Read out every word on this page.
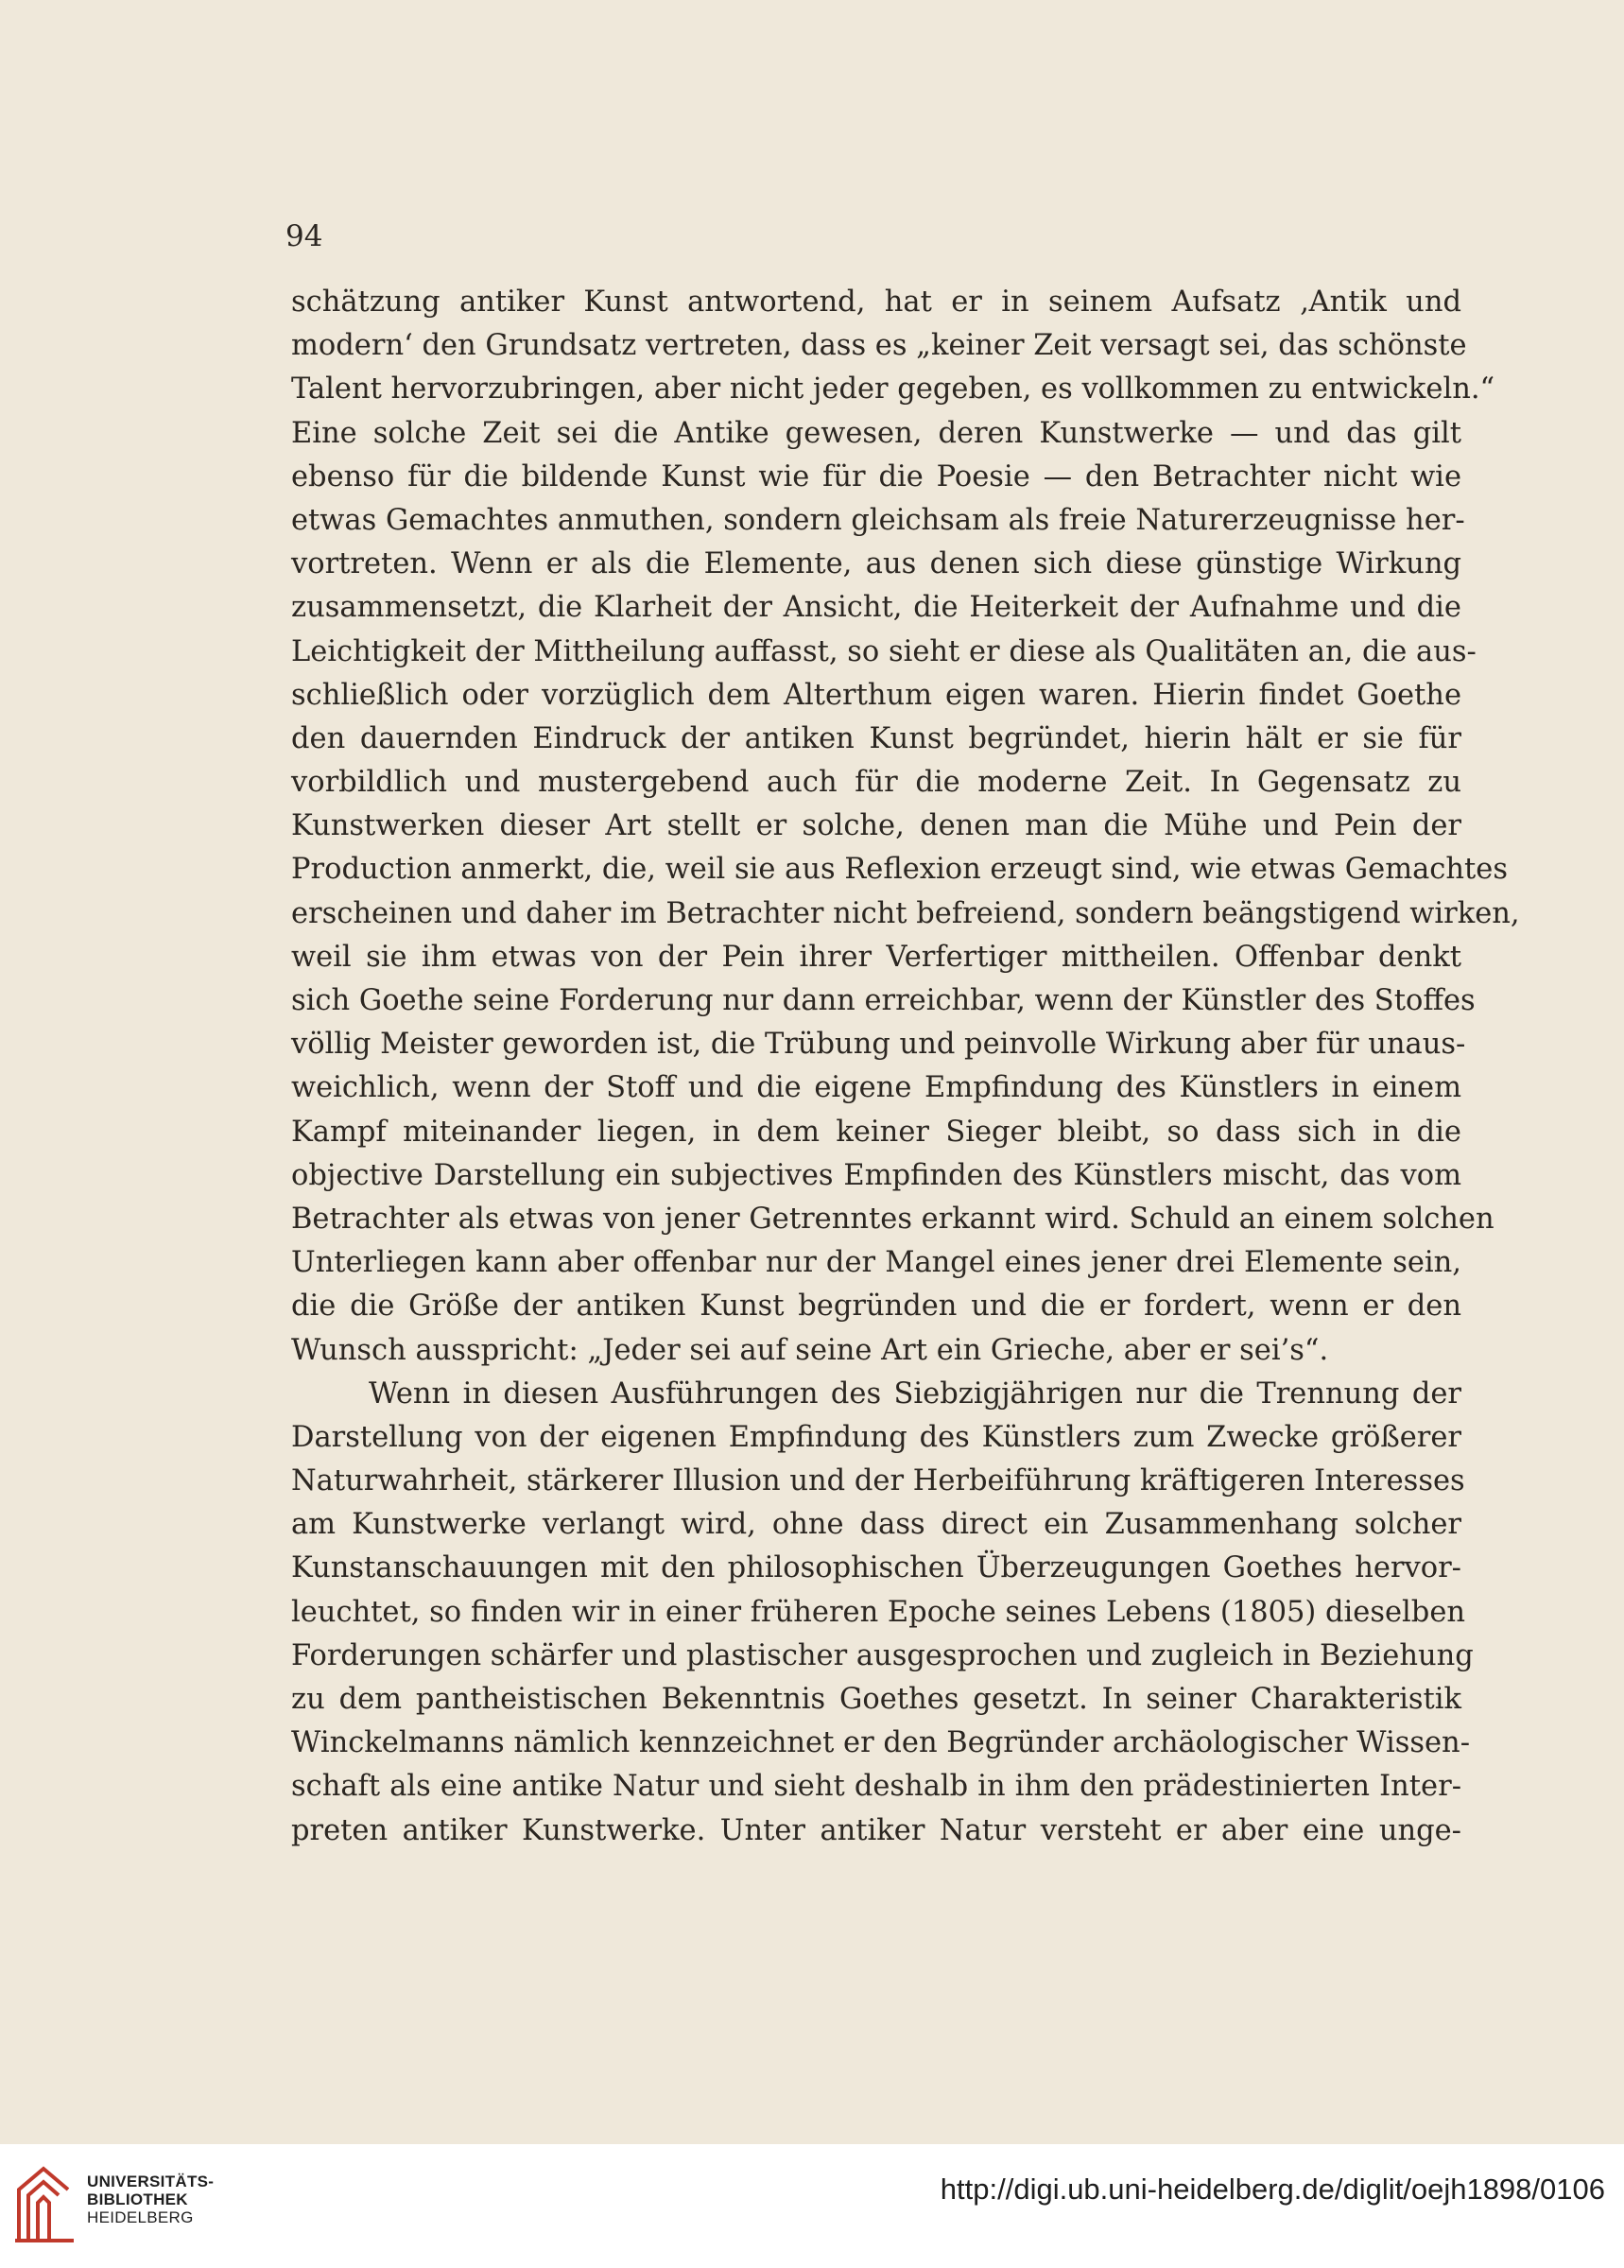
94
schätzung antiker Kunst antwortend, hat er in seinem Aufsatz ‚Antik und
modern‘ den Grundsatz vertreten, dass es „keiner Zeit versagt sei, das schönste
Talent hervorzubringen, aber nicht jeder gegeben, es vollkommen zu entwickeln.“
Eine solche Zeit sei die Antike gewesen, deren Kunstwerke — und das gilt
ebenso für die bildende Kunst wie für die Poesie — den Betrachter nicht wie
etwas Gemachtes anmuthen, sondern gleichsam als freie Naturerzeugnisse her-
vortreten. Wenn er als die Elemente, aus denen sich diese günstige Wirkung
zusammensetzt, die Klarheit der Ansicht, die Heiterkeit der Aufnahme und die
Leichtigkeit der Mittheilung auffasst, so sieht er diese als Qualitäten an, die aus-
schließlich oder vorzüglich dem Alterthum eigen waren. Hierin findet Goethe
den dauernden Eindruck der antiken Kunst begründet, hierin hält er sie für
vorbildlich und mustergebend auch für die moderne Zeit. In Gegensatz zu
Kunstwerken dieser Art stellt er solche, denen man die Mühe und Pein der
Production anmerkt, die, weil sie aus Reflexion erzeugt sind, wie etwas Gemachtes
erscheinen und daher im Betrachter nicht befreiend, sondern beängstigend wirken,
weil sie ihm etwas von der Pein ihrer Verfertiger mittheilen. Offenbar denkt
sich Goethe seine Forderung nur dann erreichbar, wenn der Künstler des Stoffes
völlig Meister geworden ist, die Trübung und peinvolle Wirkung aber für unaus-
weichlich, wenn der Stoff und die eigene Empfindung des Künstlers in einem
Kampf miteinander liegen, in dem keiner Sieger bleibt, so dass sich in die
objective Darstellung ein subjectives Empfinden des Künstlers mischt, das vom
Betrachter als etwas von jener Getrenntes erkannt wird. Schuld an einem solchen
Unterliegen kann aber offenbar nur der Mangel eines jener drei Elemente sein,
die die Größe der antiken Kunst begründen und die er fordert, wenn er den
Wunsch ausspricht: „Jeder sei auf seine Art ein Grieche, aber er sei’s“.
Wenn in diesen Ausführungen des Siebzigjährigen nur die Trennung der
Darstellung von der eigenen Empfindung des Künstlers zum Zwecke größerer
Naturwahrheit, stärkerer Illusion und der Herbeiführung kräftigeren Interesses
am Kunstwerke verlangt wird, ohne dass direct ein Zusammenhang solcher
Kunstanschauungen mit den philosophischen Überzeugungen Goethes hervor-
leuchtet, so finden wir in einer früheren Epoche seines Lebens (1805) dieselben
Forderungen schärfer und plastischer ausgesprochen und zugleich in Beziehung
zu dem pantheistischen Bekenntnis Goethes gesetzt. In seiner Charakteristik
Winckelmanns nämlich kennzeichnet er den Begründer archäologischer Wissen-
schaft als eine antike Natur und sieht deshalb in ihm den prädestinierten Inter-
preten antiker Kunstwerke. Unter antiker Natur versteht er aber eine unge-
UNIVERSITÄTS-
BIBLIOTHEK
HEIDELBERG
http://digi.ub.uni-heidelberg.de/diglit/oejh1898/0106
